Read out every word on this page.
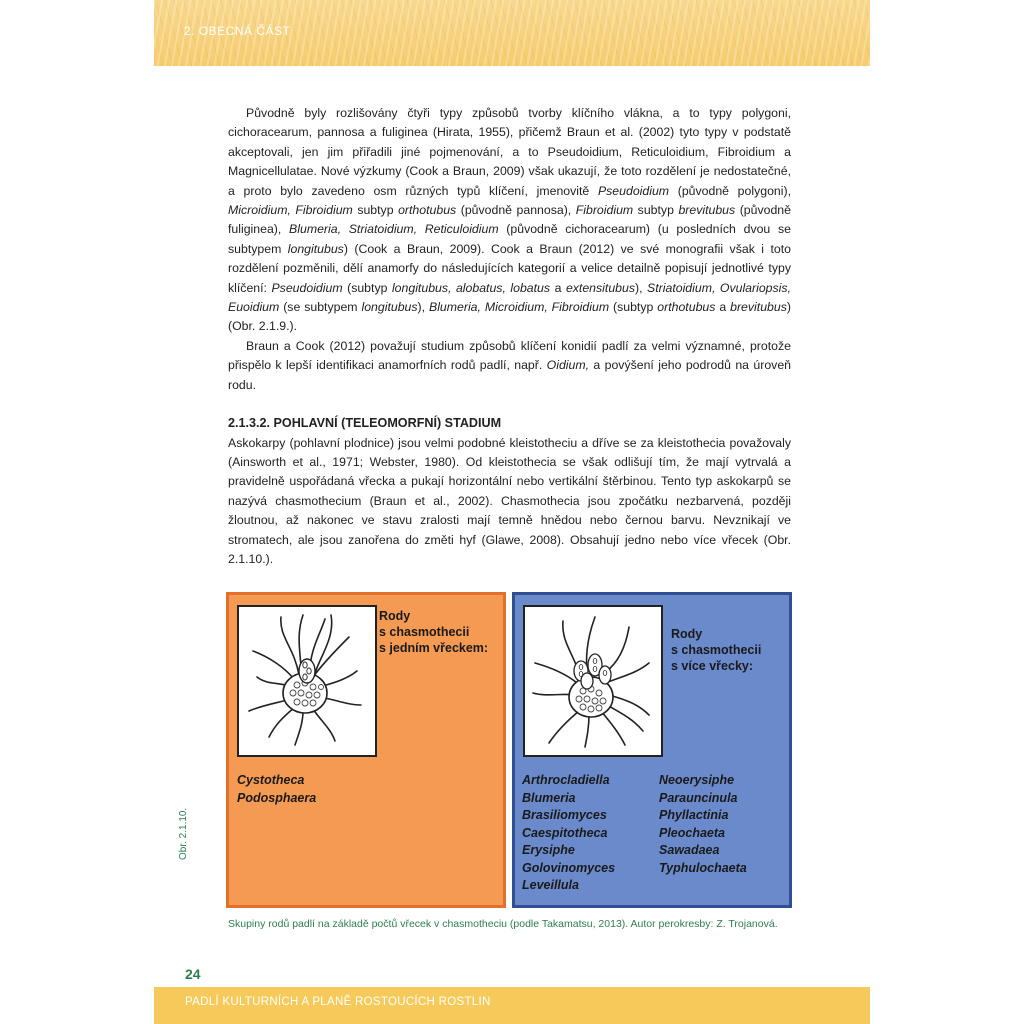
2. OBECNÁ ČÁST

Původně byly rozlišovány čtyři typy způsobů tvorby klíčního vlákna, a to typy polygoni, cichoracearum, pannosa a fuliginea (Hirata, 1955), přičemž Braun et al. (2002) tyto typy v podstatě akceptovali, jen jim přiřadili jiné pojmenování, a to Pseudoidium, Reticuloidium, Fibroidium a Magnicellulatae. Nové výzkumy (Cook a Braun, 2009) však ukazují, že toto rozdělení je nedostatečné, a proto bylo zavedeno osm různých typů klíčení, jmenovitě Pseudoidium (původně polygoni), Microidium, Fibroidium subtyp orthotubus (původně pannosa), Fibroidium subtyp brevitubus (původně fuliginea), Blumeria, Striatoidium, Reticuloidium (původně cichoracearum) (u posledních dvou se subtypem longitubus) (Cook a Braun, 2009). Cook a Braun (2012) ve své monografii však i toto rozdělení pozměnili, dělí anamorfy do následujících kategorií a velice detailně popisují jednotlivé typy klíčení: Pseudoidium (subtyp longitubus, alobatus, lobatus a extensitubus), Striatoidium, Ovulariopsis, Euoidium (se subtypem longitubus), Blumeria, Microidium, Fibroidium (subtyp orthotubus a brevitubus) (Obr. 2.1.9.).

Braun a Cook (2012) považují studium způsobů klíčení konidií padlí za velmi významné, protože přispělo k lepší identifikaci anamorfních rodů padlí, např. Oidium, a povýšení jeho podrodů na úroveň rodu.

2.1.3.2. POHLAVNÍ (TELEOMORFNÍ) STADIUM

Askokarpy (pohlavní plodnice) jsou velmi podobné kleistotheciu a dříve se za kleistothecia považovaly (Ainsworth et al., 1971; Webster, 1980). Od kleistothecia se však odlišují tím, že mají vytrvalá a pravidelně uspořádaná vřecka a pukají horizontální nebo vertikální štěrbinou. Tento typ askokarpů se nazývá chasmothecium (Braun et al., 2002). Chasmothecia jsou zpočátku nezbarvená, později žloutnou, až nakonec ve stavu zralosti mají temně hnědou nebo černou barvu. Nevznikají ve stromatech, ale jsou zanořena do změti hyf (Glawe, 2008). Obsahují jedno nebo více vřecek (Obr. 2.1.10.).

Rody
s chasmothecii
s jedním vřeckem:
Cystotheca
Podosphaera
Rody
s chasmothecii
s více vřecky:
Arthrocladiella
Blumeria
Brasiliomyces
Caespitotheca
Erysiphe
Golovinomyces
Leveillula
Neoerysiphe
Parauncinula
Phyllactinia
Pleochaeta
Sawadaea
Typhulochaeta
Obr. 2.1.10.
Skupiny rodů padlí na základě počtů vřecek v chasmotheciu (podle Takamatsu, 2013). Autor perokresby: Z. Trojanová.
24
PADLÍ KULTURNÍCH A PLANĚ ROSTOUCÍCH ROSTLIN
